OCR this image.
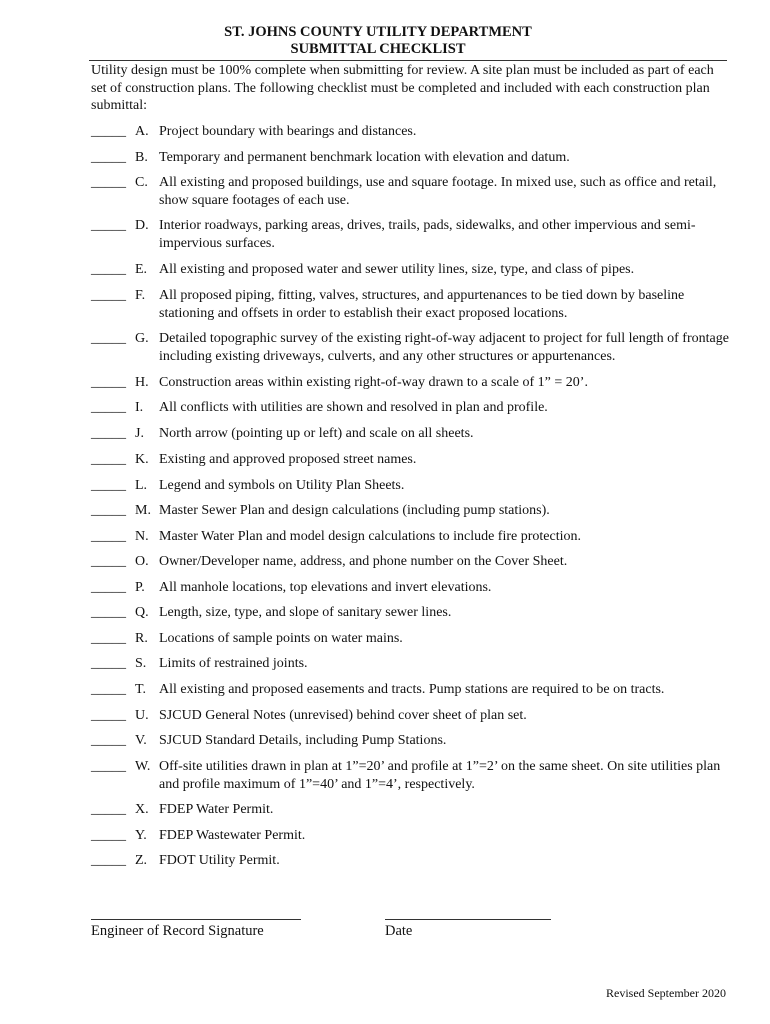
ST. JOHNS COUNTY UTILITY DEPARTMENT
SUBMITTAL CHECKLIST
Utility design must be 100% complete when submitting for review. A site plan must be included as part of each set of construction plans. The following checklist must be completed and included with each construction plan submittal:
_____ A. Project boundary with bearings and distances.
_____ B. Temporary and permanent benchmark location with elevation and datum.
_____ C. All existing and proposed buildings, use and square footage. In mixed use, such as office and retail, show square footages of each use.
_____ D. Interior roadways, parking areas, drives, trails, pads, sidewalks, and other impervious and semi-impervious surfaces.
_____ E. All existing and proposed water and sewer utility lines, size, type, and class of pipes.
_____ F. All proposed piping, fitting, valves, structures, and appurtenances to be tied down by baseline stationing and offsets in order to establish their exact proposed locations.
_____ G. Detailed topographic survey of the existing right-of-way adjacent to project for full length of frontage including existing driveways, culverts, and any other structures or appurtenances.
_____ H. Construction areas within existing right-of-way drawn to a scale of 1” = 20’.
_____ I. All conflicts with utilities are shown and resolved in plan and profile.
_____ J. North arrow (pointing up or left) and scale on all sheets.
_____ K. Existing and approved proposed street names.
_____ L. Legend and symbols on Utility Plan Sheets.
_____ M. Master Sewer Plan and design calculations (including pump stations).
_____ N. Master Water Plan and model design calculations to include fire protection.
_____ O. Owner/Developer name, address, and phone number on the Cover Sheet.
_____ P. All manhole locations, top elevations and invert elevations.
_____ Q. Length, size, type, and slope of sanitary sewer lines.
_____ R. Locations of sample points on water mains.
_____ S. Limits of restrained joints.
_____ T. All existing and proposed easements and tracts. Pump stations are required to be on tracts.
_____ U. SJCUD General Notes (unrevised) behind cover sheet of plan set.
_____ V. SJCUD Standard Details, including Pump Stations.
_____ W. Off-site utilities drawn in plan at 1”=20’ and profile at 1”=2’ on the same sheet. On site utilities plan and profile maximum of 1”=40’ and 1”=4’, respectively.
_____ X. FDEP Water Permit.
_____ Y. FDEP Wastewater Permit.
_____ Z. FDOT Utility Permit.
Engineer of Record Signature	Date
Revised September 2020
